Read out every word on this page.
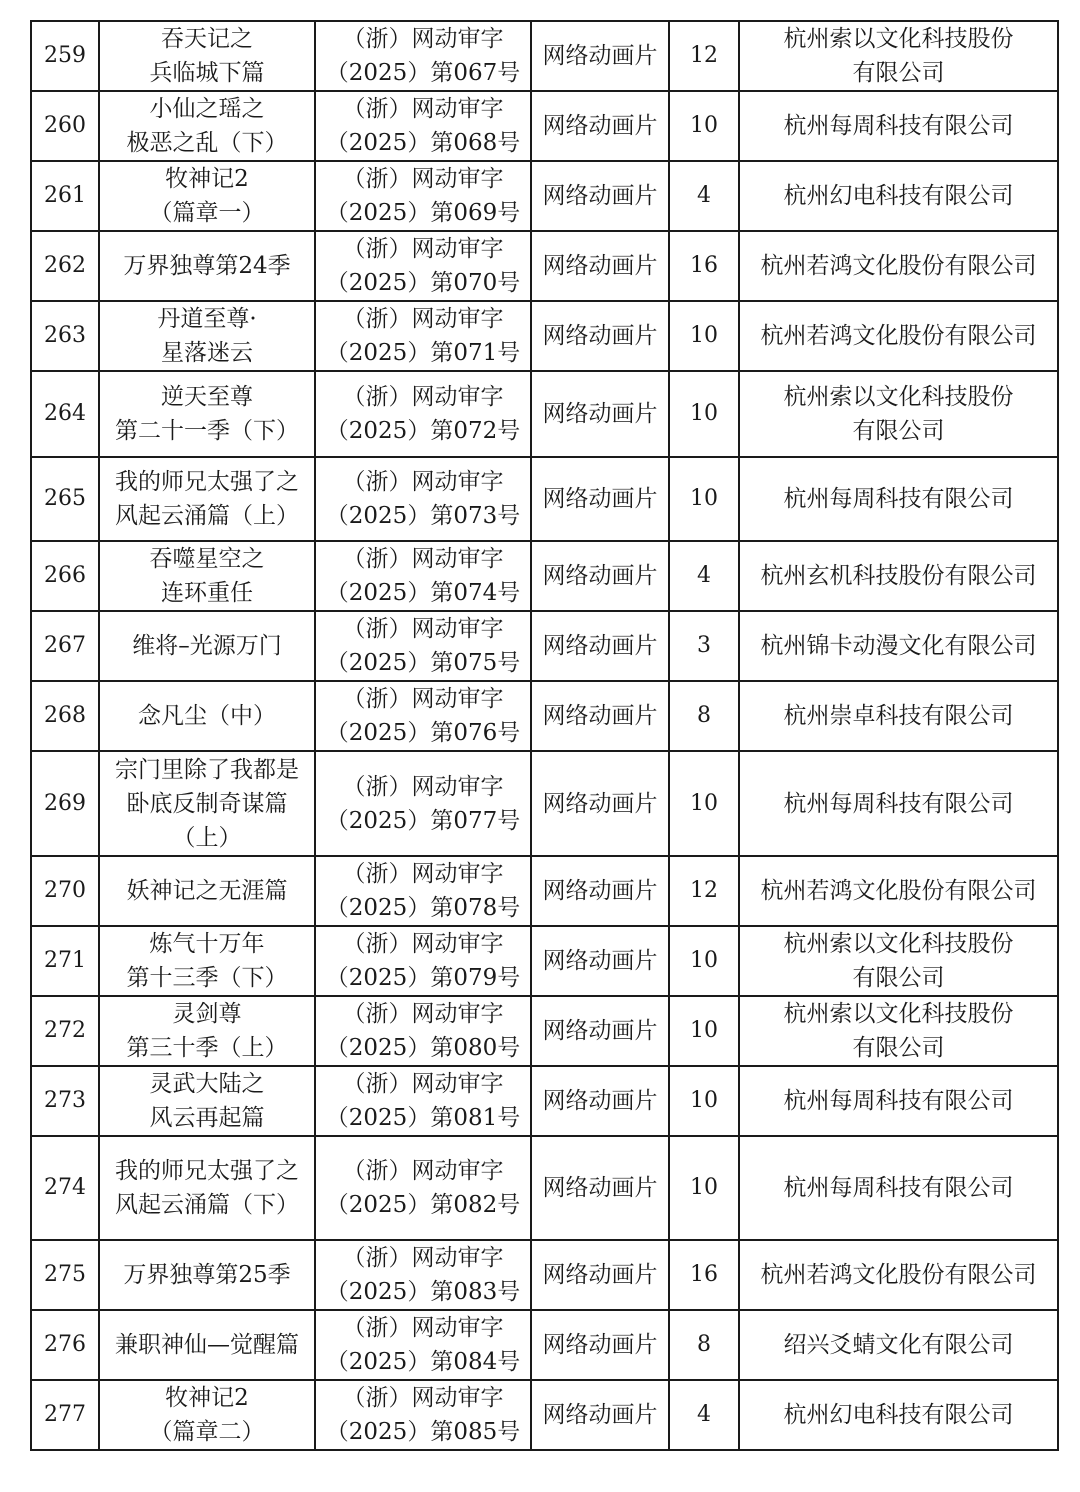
259	吞天记之
兵临城下篇	（浙）网动审字
（2025）第067号	网络动画片	12	杭州索以文化科技股份
有限公司
260	小仙之瑶之
极恶之乱（下）	（浙）网动审字
（2025）第068号	网络动画片	10	杭州每周科技有限公司
261	牧神记2
（篇章一）	（浙）网动审字
（2025）第069号	网络动画片	4	杭州幻电科技有限公司
262	万界独尊第24季	（浙）网动审字
（2025）第070号	网络动画片	16	杭州若鸿文化股份有限公司
263	丹道至尊·
星落迷云	（浙）网动审字
（2025）第071号	网络动画片	10	杭州若鸿文化股份有限公司
264	逆天至尊
第二十一季（下）	（浙）网动审字
（2025）第072号	网络动画片	10	杭州索以文化科技股份
有限公司
265	我的师兄太强了之
风起云涌篇（上）	（浙）网动审字
（2025）第073号	网络动画片	10	杭州每周科技有限公司
266	吞噬星空之
连环重任	（浙）网动审字
（2025）第074号	网络动画片	4	杭州玄机科技股份有限公司
267	维将–光源万门	（浙）网动审字
（2025）第075号	网络动画片	3	杭州锦卡动漫文化有限公司
268	念凡尘（中）	（浙）网动审字
（2025）第076号	网络动画片	8	杭州崇卓科技有限公司
269	宗门里除了我都是
卧底反制奇谋篇
（上）	（浙）网动审字
（2025）第077号	网络动画片	10	杭州每周科技有限公司
270	妖神记之无涯篇	（浙）网动审字
（2025）第078号	网络动画片	12	杭州若鸿文化股份有限公司
271	炼气十万年
第十三季（下）	（浙）网动审字
（2025）第079号	网络动画片	10	杭州索以文化科技股份
有限公司
272	灵剑尊
第三十季（上）	（浙）网动审字
（2025）第080号	网络动画片	10	杭州索以文化科技股份
有限公司
273	灵武大陆之
风云再起篇	（浙）网动审字
（2025）第081号	网络动画片	10	杭州每周科技有限公司
274	我的师兄太强了之
风起云涌篇（下）	（浙）网动审字
（2025）第082号	网络动画片	10	杭州每周科技有限公司
275	万界独尊第25季	（浙）网动审字
（2025）第083号	网络动画片	16	杭州若鸿文化股份有限公司
276	兼职神仙—觉醒篇	（浙）网动审字
（2025）第084号	网络动画片	8	绍兴爻蜻文化有限公司
277	牧神记2
（篇章二）	（浙）网动审字
（2025）第085号	网络动画片	4	杭州幻电科技有限公司
